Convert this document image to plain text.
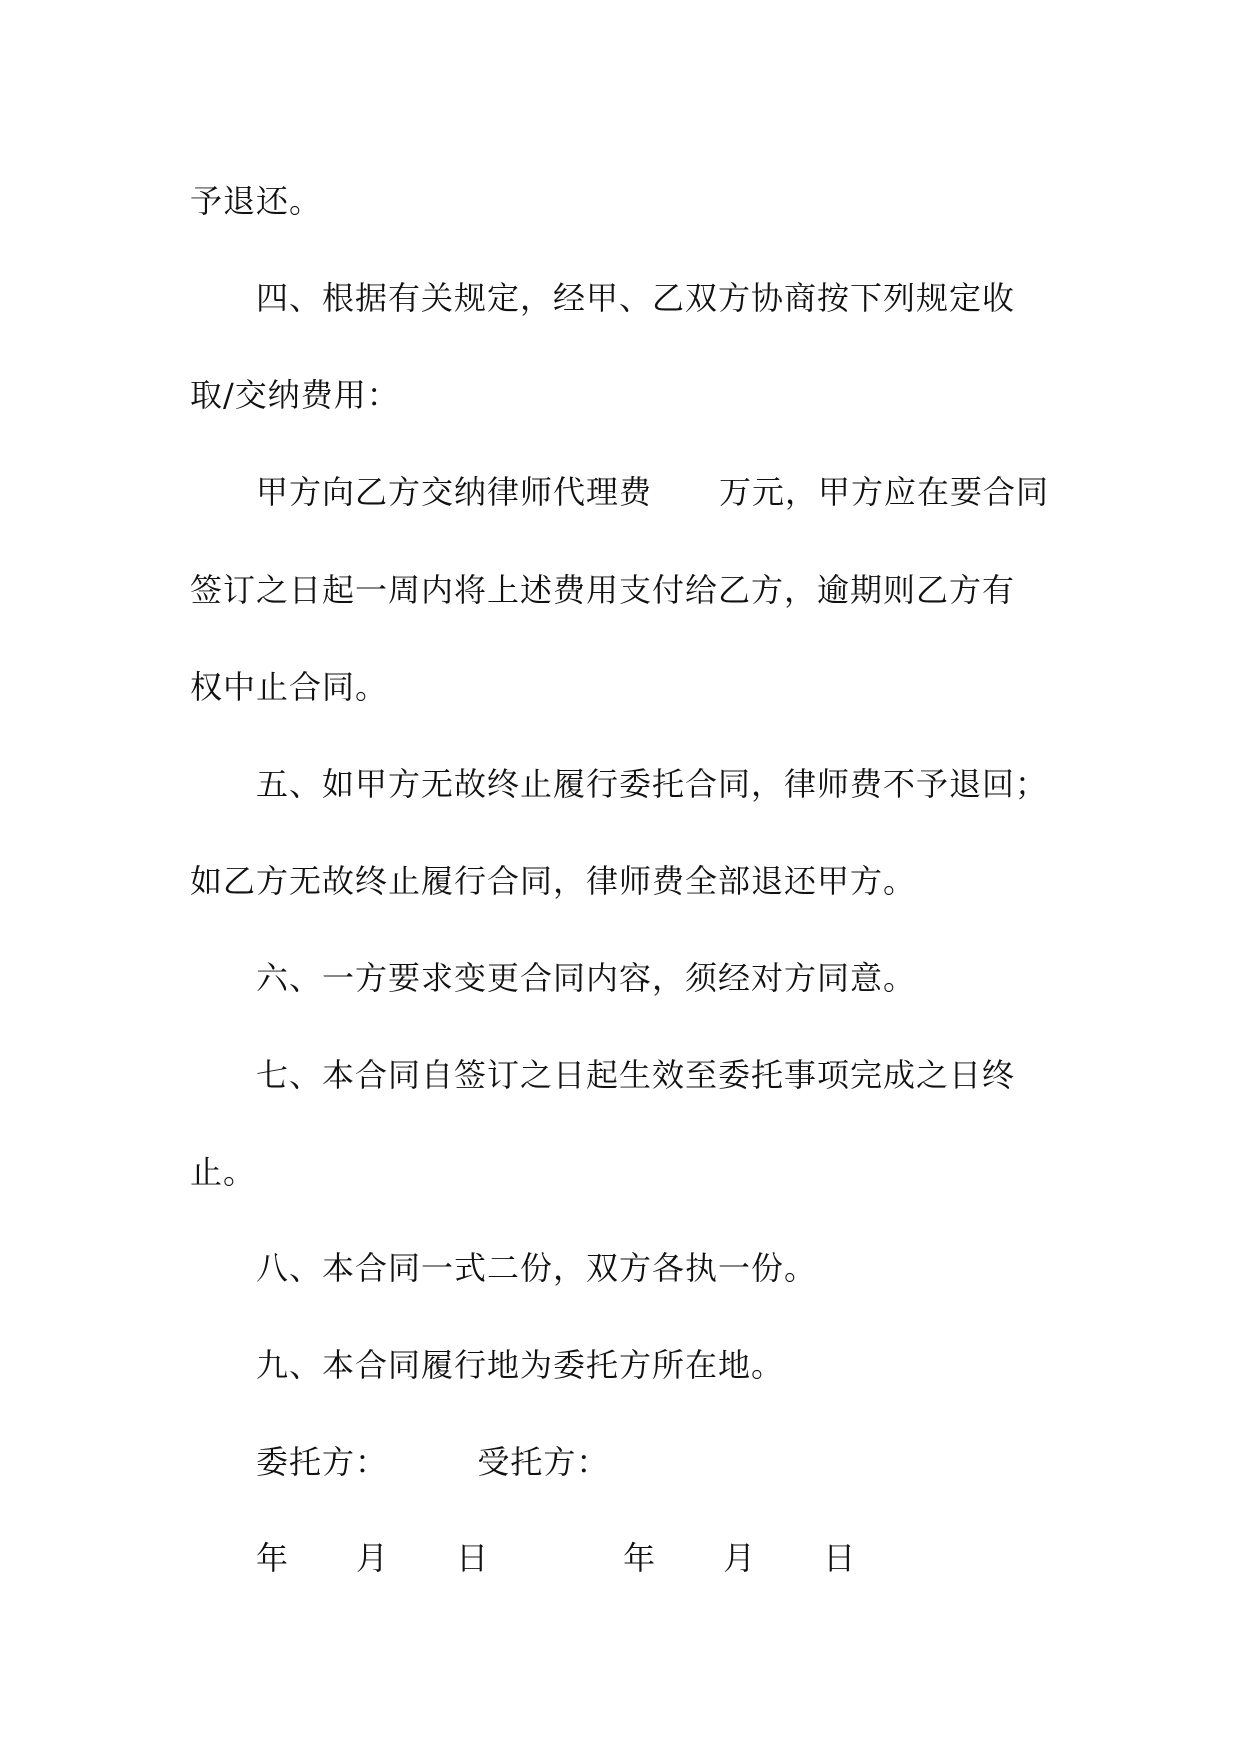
予退还。
四、根据有关规定，经甲、乙双方协商按下列规定收
取/交纳费用：
甲方向乙方交纳律师代理费      万元，甲方应在要合同
签订之日起一周内将上述费用支付给乙方，逾期则乙方有
权中止合同。
五、如甲方无故终止履行委托合同，律师费不予退回；
如乙方无故终止履行合同，律师费全部退还甲方。
六、一方要求变更合同内容，须经对方同意。
七、本合同自签订之日起生效至委托事项完成之日终
止。
八、本合同一式二份，双方各执一份。
九、本合同履行地为委托方所在地。
委托方：        受托方：
年      月      日            年      月      日
